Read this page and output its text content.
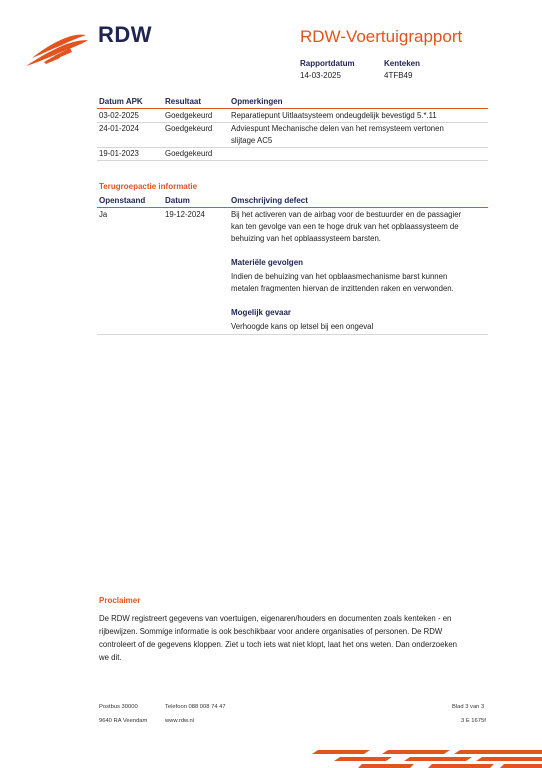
RDW	RDW-Voertuigrapport
Rapportdatum
14-03-2025
Kenteken
4TFB49
Datum APK	Resultaat	Opmerkingen
03-02-2025	Goedgekeurd Reparatiepunt Uitlaatsysteem ondeugdelijk bevestigd 5.*.11
24-01-2024	Goedgekeurd Adviespunt Mechanische delen van het remsysteem vertonen
slijtage AC5
19-01-2023	Goedgekeurd
Terugroepactie informatie
Openstaand Datum	Omschrijving defect
Ja	19-12-2024	Bij het activeren van de airbag voor de bestuurder en de passagier
kan ten gevolge van een te hoge druk van het opblaassysteem de
behuizing van het opblaassysteem barsten.
Materiële gevolgen
Indien de behuizing van het opblaasmechanisme barst kunnen
metalen fragmenten hiervan de inzittenden raken en verwonden.
Mogelijk gevaar
Verhoogde kans op letsel bij een ongeval
Proclaimer
De RDW registreert gegevens van voertuigen, eigenaren/houders en documenten zoals kenteken - en
rijbewijzen. Sommige informatie is ook beschikbaar voor andere organisaties of personen. De RDW
controleert of de gegevens kloppen. Ziet u toch iets wat niet klopt, laat het ons weten. Dan onderzoeken
we dit.
Postbus 30000	Telefoon 088 008 74 47	Blad 3 van 3
9640 RA Veendam	www.rdw.nl	3 E 1675f
